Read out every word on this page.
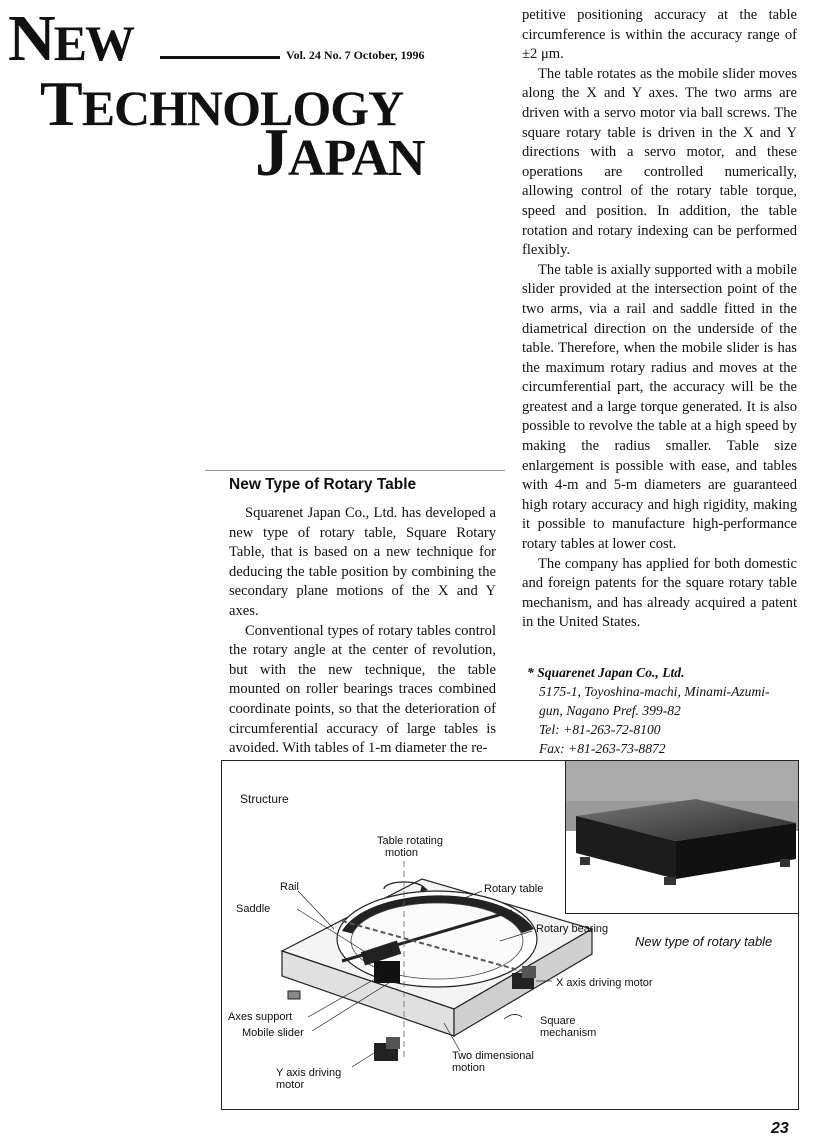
NEW	Vol. 24 No. 7 October, 1996
TECHNOLOGY
JAPAN
New Type of Rotary Table

Squarenet Japan Co., Ltd. has developed a new type of rotary table, Square Rotary Table, that is based on a new technique for deducing the table position by combining the secondary plane motions of the X and Y axes.

Conventional types of rotary tables control the rotary angle at the center of revolution, but with the new technique, the table mounted on roller bearings traces combined coordinate points, so that the deterioration of circumferential accuracy of large tables is avoided. With tables of 1-m diameter the re-

petitive positioning accuracy at the table circumference is within the accuracy range of ±2 μm.

The table rotates as the mobile slider moves along the X and Y axes. The two arms are driven with a servo motor via ball screws. The square rotary table is driven in the X and Y directions with a servo motor, and these operations are controlled numerically, allowing control of the rotary table torque, speed and position. In addition, the table rotation and rotary indexing can be performed flexibly.

The table is axially supported with a mobile slider provided at the intersection point of the two arms, via a rail and saddle fitted in the diametrical direction on the underside of the table. Therefore, when the mobile slider is has the maximum rotary radius and moves at the circumferential part, the accuracy will be the greatest and a large torque generated. It is also possible to revolve the table at a high speed by making the radius smaller. Table size enlargement is possible with ease, and tables with 4-m and 5-m diameters are guaranteed high rotary accuracy and high rigidity, making it possible to manufacture high-performance rotary tables at lower cost.

The company has applied for both domestic and foreign patents for the square rotary table mechanism, and has already acquired a patent in the United States.

* Squarenet Japan Co., Ltd.
5175-1, Toyoshina-machi, Minami-Azumi-
gun, Nagano Pref. 399-82
Tel: +81-263-72-8100
Fax: +81-263-73-8872
Structure
Table rotating
motion
Rail	Rotary table
Saddle
Rotary bearing
X axis driving motor
Axes support
Mobile slider
Square
mechanism
Two dimensional
motion
Y axis driving
motor
New type of rotary table
23
